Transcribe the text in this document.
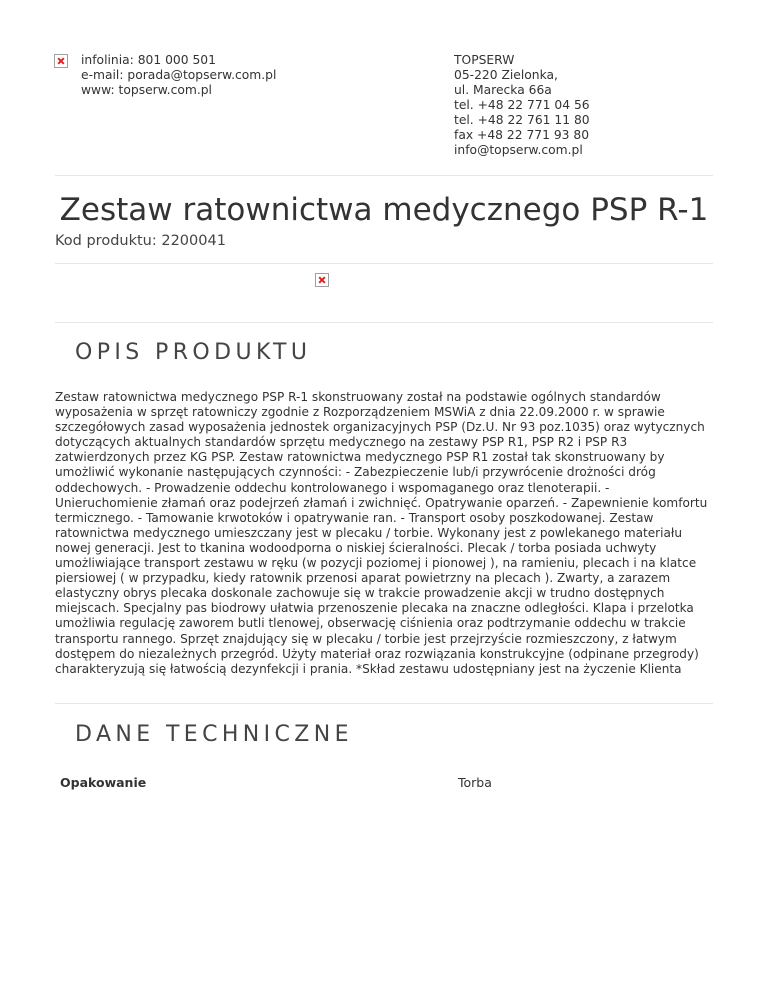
infolinia: 801 000 501
e-mail: porada@topserw.com.pl
www: topserw.com.pl
TOPSERW
05-220 Zielonka,
ul. Marecka 66a
tel. +48 22 771 04 56
tel. +48 22 761 11 80
fax +48 22 771 93 80
info@topserw.com.pl
Zestaw ratownictwa medycznego PSP R-1
Kod produktu: 2200041
OPIS PRODUKTU
Zestaw ratownictwa medycznego PSP R-1 skonstruowany został na podstawie ogólnych standardów
wyposażenia w sprzęt ratowniczy zgodnie z Rozporządzeniem MSWiA z dnia 22.09.2000 r. w sprawie
szczegółowych zasad wyposażenia jednostek organizacyjnych PSP (Dz.U. Nr 93 poz.1035) oraz wytycznych
dotyczących aktualnych standardów sprzętu medycznego na zestawy PSP R1, PSP R2 i PSP R3
zatwierdzonych przez KG PSP. Zestaw ratownictwa medycznego PSP R1 został tak skonstruowany by
umożliwić wykonanie następujących czynności: - Zabezpieczenie lub/i przywrócenie drożności dróg
oddechowych. - Prowadzenie oddechu kontrolowanego i wspomaganego oraz tlenoterapii. -
Unieruchomienie złamań oraz podejrzeń złamań i zwichnięć. Opatrywanie oparzeń. - Zapewnienie komfortu
termicznego. - Tamowanie krwotoków i opatrywanie ran. - Transport osoby poszkodowanej. Zestaw
ratownictwa medycznego umieszczany jest w plecaku / torbie. Wykonany jest z powlekanego materiału
nowej generacji. Jest to tkanina wodoodporna o niskiej ścieralności. Plecak / torba posiada uchwyty
umożliwiające transport zestawu w ręku (w pozycji poziomej i pionowej ), na ramieniu, plecach i na klatce
piersiowej ( w przypadku, kiedy ratownik przenosi aparat powietrzny na plecach ). Zwarty, a zarazem
elastyczny obrys plecaka doskonale zachowuje się w trakcie prowadzenie akcji w trudno dostępnych
miejscach. Specjalny pas biodrowy ułatwia przenoszenie plecaka na znaczne odległości. Klapa i przelotka
umożliwia regulację zaworem butli tlenowej, obserwację ciśnienia oraz podtrzymanie oddechu w trakcie
transportu rannego. Sprzęt znajdujący się w plecaku / torbie jest przejrzyście rozmieszczony, z łatwym
dostępem do niezależnych przegród. Użyty materiał oraz rozwiązania konstrukcyjne (odpinane przegrody)
charakteryzują się łatwością dezynfekcji i prania. *Skład zestawu udostępniany jest na życzenie Klienta
DANE TECHNICZNE
Opakowanie	Torba
